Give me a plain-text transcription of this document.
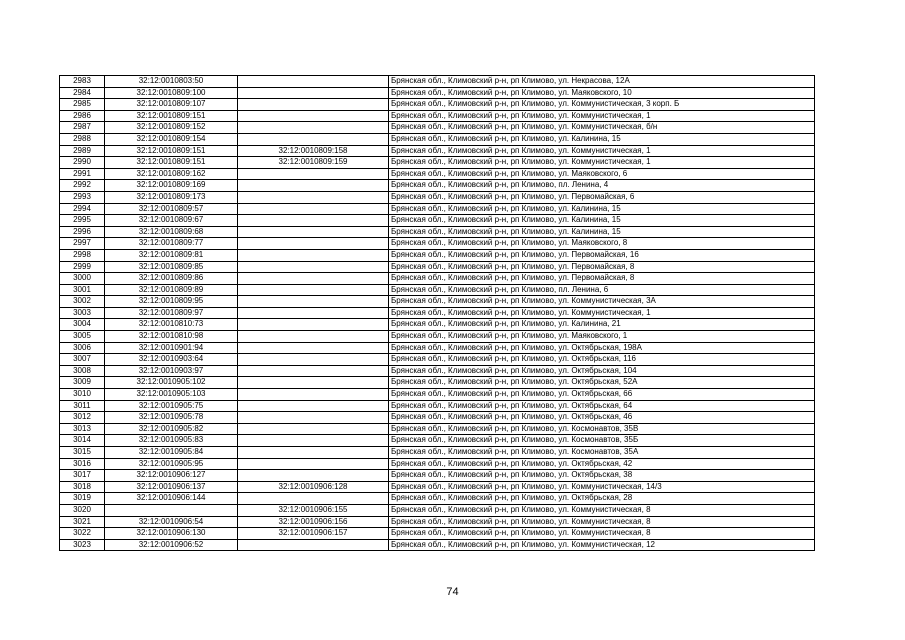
2983	32:12:0010803:50		Брянская обл., Климовский р-н, рп Климово, ул. Некрасова, 12А
2984	32:12:0010809:100		Брянская обл., Климовский р-н, рп Климово, ул. Маяковского, 10
2985	32:12:0010809:107		Брянская обл., Климовский р-н, рп Климово, ул. Коммунистическая, 3 корп. Б
2986	32:12:0010809:151		Брянская обл., Климовский р-н, рп Климово, ул. Коммунистическая, 1
2987	32:12:0010809:152		Брянская обл., Климовский р-н, рп Климово, ул. Коммунистическая, б/н
2988	32:12:0010809:154		Брянская обл., Климовский р-н, рп Климово, ул. Калинина, 15
2989	32:12:0010809:151	32:12:0010809:158	Брянская обл., Климовский р-н, рп Климово, ул. Коммунистическая, 1
2990	32:12:0010809:151	32:12:0010809:159	Брянская обл., Климовский р-н, рп Климово, ул. Коммунистическая, 1
2991	32:12:0010809:162		Брянская обл., Климовский р-н, рп Климово, ул. Маяковского, 6
2992	32:12:0010809:169		Брянская обл., Климовский р-н, рп Климово, пл. Ленина, 4
2993	32:12:0010809:173		Брянская обл., Климовский р-н, рп Климово, ул. Первомайская, 6
2994	32:12:0010809:57		Брянская обл., Климовский р-н, рп Климово, ул. Калинина, 15
2995	32:12:0010809:67		Брянская обл., Климовский р-н, рп Климово, ул. Калинина, 15
2996	32:12:0010809:68		Брянская обл., Климовский р-н, рп Климово, ул. Калинина, 15
2997	32:12:0010809:77		Брянская обл., Климовский р-н, рп Климово, ул. Маяковского, 8
2998	32:12:0010809:81		Брянская обл., Климовский р-н, рп Климово, ул. Первомайская, 16
2999	32:12:0010809:85		Брянская обл., Климовский р-н, рп Климово, ул. Первомайская, 8
3000	32:12:0010809:86		Брянская обл., Климовский р-н, рп Климово, ул. Первомайская, 8
3001	32:12:0010809:89		Брянская обл., Климовский р-н, рп Климово, пл. Ленина, 6
3002	32:12:0010809:95		Брянская обл., Климовский р-н, рп Климово, ул. Коммунистическая, 3А
3003	32:12:0010809:97		Брянская обл., Климовский р-н, рп Климово, ул. Коммунистическая, 1
3004	32:12:0010810:73		Брянская обл., Климовский р-н, рп Климово, ул. Калинина, 21
3005	32:12:0010810:98		Брянская обл., Климовский р-н, рп Климово, ул. Маяковского, 1
3006	32:12:0010901:94		Брянская обл., Климовский р-н, рп Климово, ул. Октябрьская, 198А
3007	32:12:0010903:64		Брянская обл., Климовский р-н, рп Климово, ул. Октябрьская, 116
3008	32:12:0010903:97		Брянская обл., Климовский р-н, рп Климово, ул. Октябрьская, 104
3009	32:12:0010905:102		Брянская обл., Климовский р-н, рп Климово, ул. Октябрьская, 52А
3010	32:12:0010905:103		Брянская обл., Климовский р-н, рп Климово, ул. Октябрьская, 66
3011	32:12:0010905:75		Брянская обл., Климовский р-н, рп Климово, ул. Октябрьская, 64
3012	32:12:0010905:78		Брянская обл., Климовский р-н, рп Климово, ул. Октябрьская, 46
3013	32:12:0010905:82		Брянская обл., Климовский р-н, рп Климово, ул. Космонавтов, 35В
3014	32:12:0010905:83		Брянская обл., Климовский р-н, рп Климово, ул. Космонавтов, 35Б
3015	32:12:0010905:84		Брянская обл., Климовский р-н, рп Климово, ул. Космонавтов, 35А
3016	32:12:0010905:95		Брянская обл., Климовский р-н, рп Климово, ул. Октябрьская, 42
3017	32:12:0010906:127		Брянская обл., Климовский р-н, рп Климово, ул. Октябрьская, 38
3018	32:12:0010906:137	32:12:0010906:128	Брянская обл., Климовский р-н, рп Климово, ул. Коммунистическая, 14/3
3019	32:12:0010906:144		Брянская обл., Климовский р-н, рп Климово, ул. Октябрьская, 28
3020		32:12:0010906:155	Брянская обл., Климовский р-н, рп Климово, ул. Коммунистическая, 8
3021	32:12:0010906:54	32:12:0010906:156	Брянская обл., Климовский р-н, рп Климово, ул. Коммунистическая, 8
3022	32:12:0010906:130	32:12:0010906:157	Брянская обл., Климовский р-н, рп Климово, ул. Коммунистическая, 8
3023	32:12:0010906:52		Брянская обл., Климовский р-н, рп Климово, ул. Коммунистическая, 12
74
